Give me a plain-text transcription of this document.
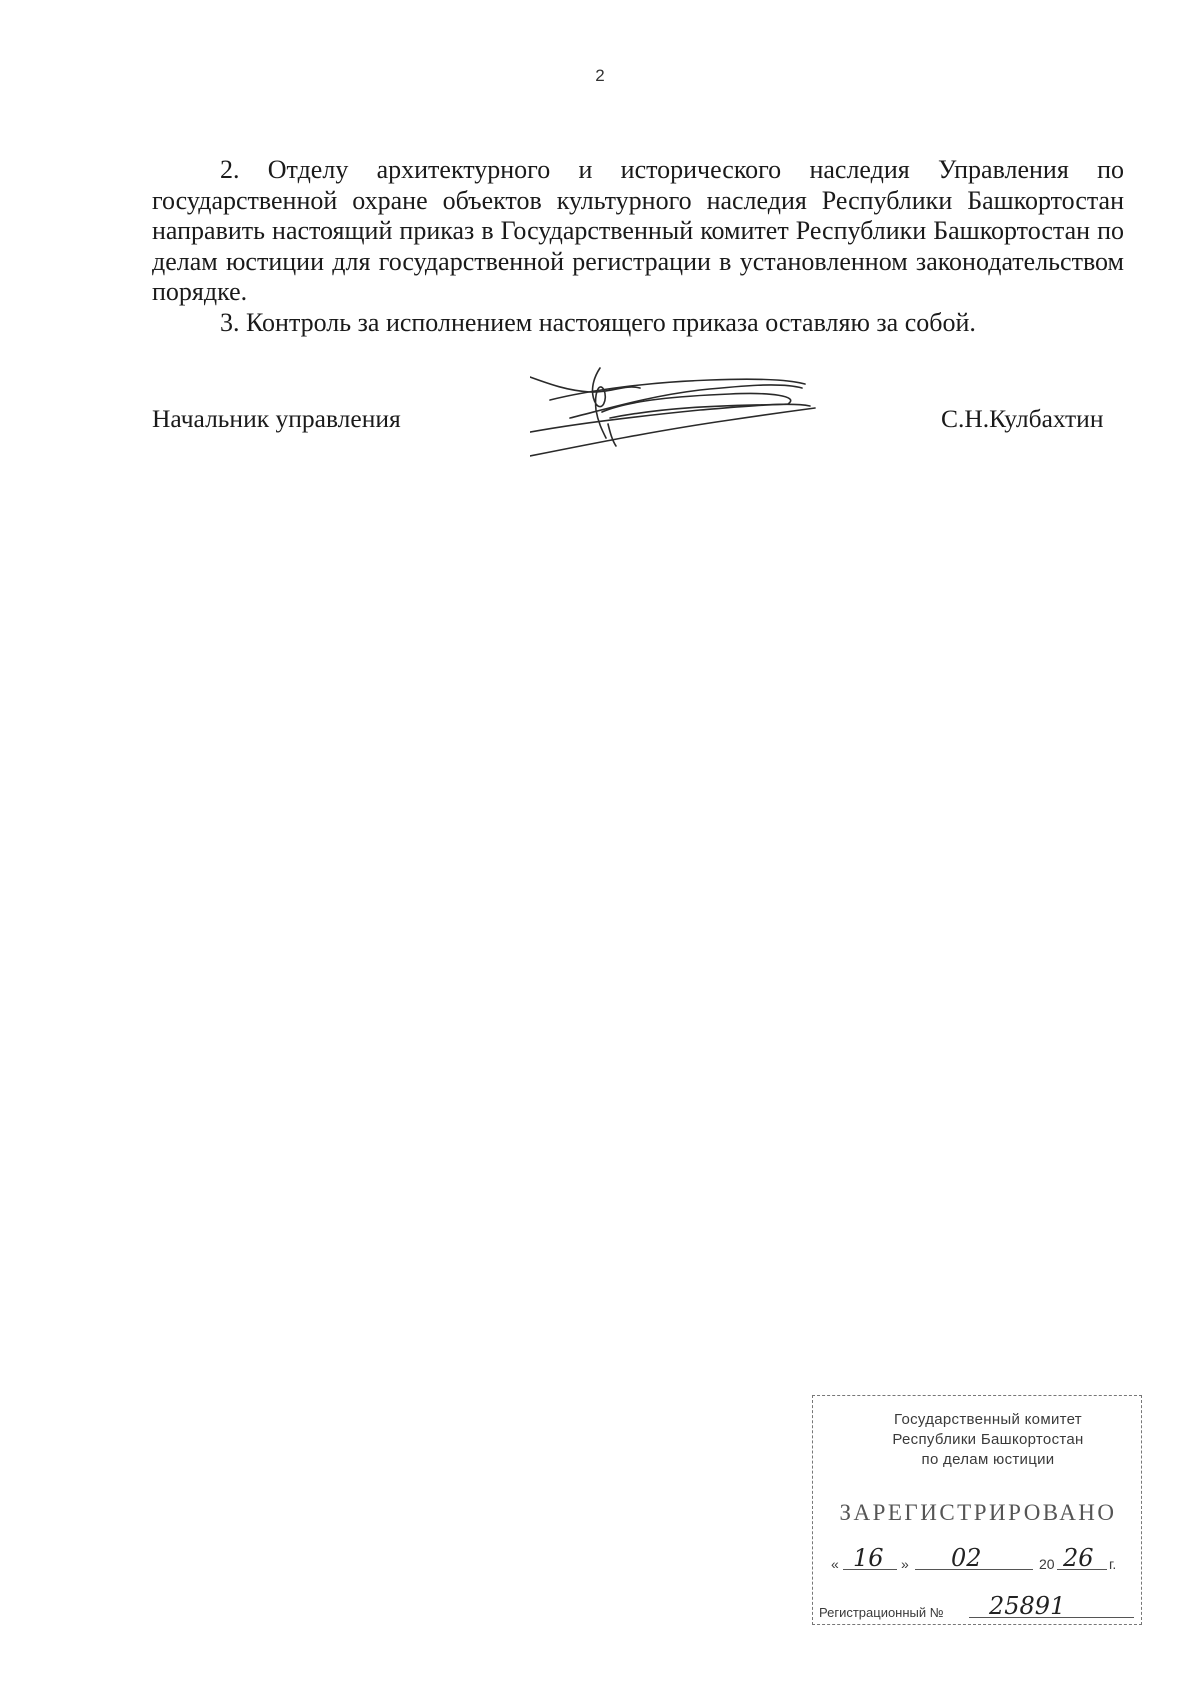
2

2. Отделу архитектурного и исторического наследия Управления по государственной охране объектов культурного наследия Республики Башкортостан направить настоящий приказ в Государственный комитет Республики Башкортостан по делам юстиции для государственной регистрации в установленном законодательством порядке.

3. Контроль за исполнением настоящего приказа оставляю за собой.

Начальник управления	С.Н.Кулбахтин
Государственный комитет
Республики Башкортостан
по делам юстиции
ЗАРЕГИСТРИРОВАНО
« 16 » 02	20 26 г.
Регистрационный № 25891
